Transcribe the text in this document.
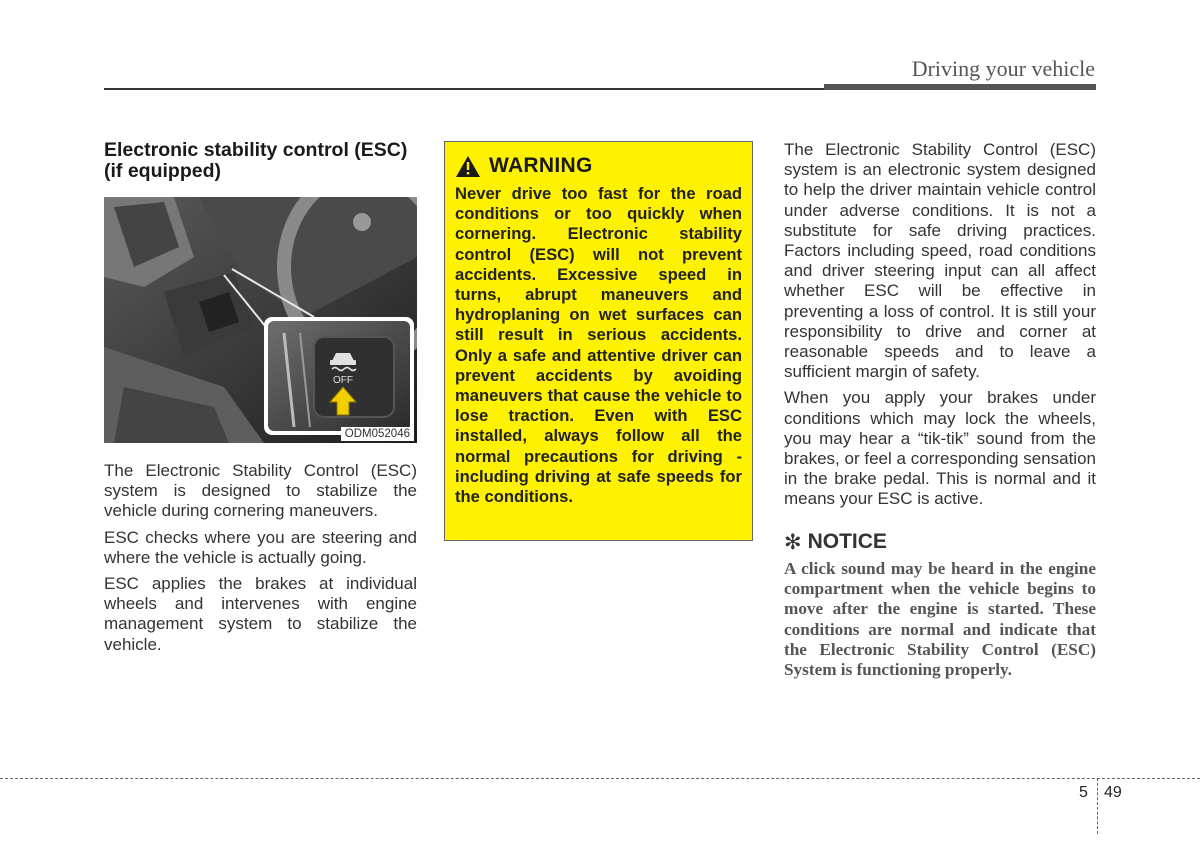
Driving your vehicle
Electronic stability control (ESC) (if equipped)
OFF
ODM052046

The Electronic Stability Control (ESC) system is designed to stabilize the vehicle during cornering maneuvers.

ESC checks where you are steering and where the vehicle is actually going.

ESC applies the brakes at individual wheels and intervenes with engine management system to stabilize the vehicle.

WARNING

Never drive too fast for the road conditions or too quickly when cornering. Electronic stability control (ESC) will not prevent accidents. Excessive speed in turns, abrupt maneuvers and hydroplaning on wet surfaces can still result in serious accidents. Only a safe and attentive driver can prevent accidents by avoiding maneuvers that cause the vehicle to lose traction. Even with ESC installed, always follow all the normal precautions for driving - including driving at safe speeds for the conditions.

The Electronic Stability Control (ESC) system is an electronic system designed to help the driver maintain vehicle control under adverse conditions. It is not a substitute for safe driving practices. Factors including speed, road conditions and driver steering input can all affect whether ESC will be effective in preventing a loss of control. It is still your responsibility to drive and corner at reasonable speeds and to leave a sufficient margin of safety.

When you apply your brakes under conditions which may lock the wheels, you may hear a “tik-tik” sound from the brakes, or feel a corresponding sensation in the brake pedal. This is normal and it means your ESC is active.

✻ NOTICE

A click sound may be heard in the engine compartment when the vehicle begins to move after the engine is started. These conditions are normal and indicate that the Electronic Stability Control (ESC) System is functioning properly.

5 49
